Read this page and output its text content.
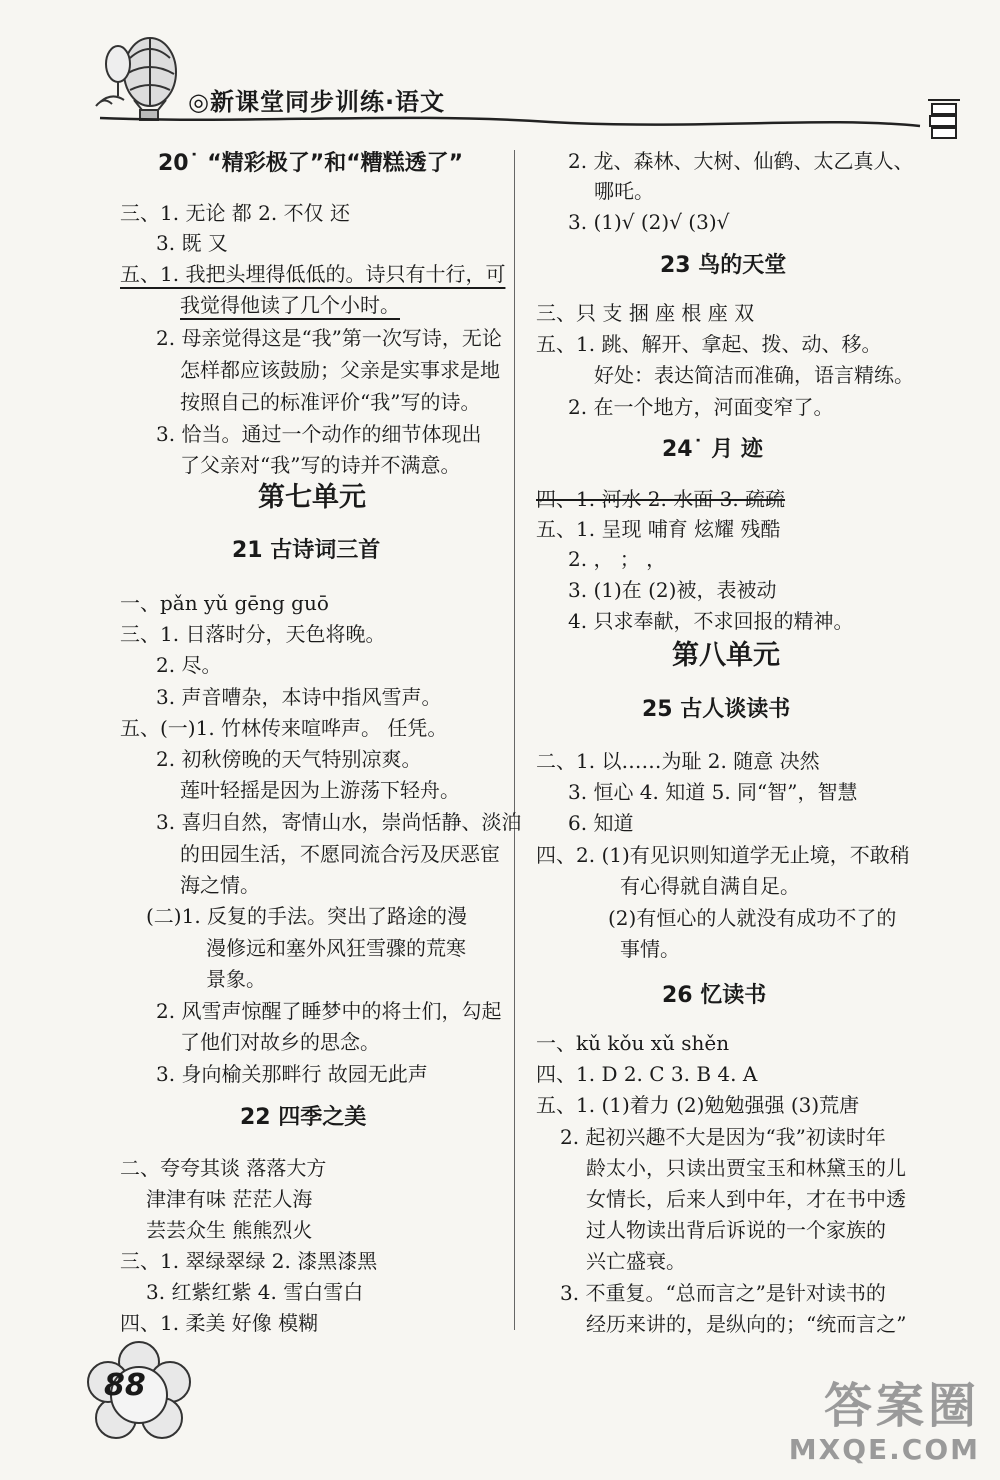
◎新课堂同步训练·语文
20˙ “精彩极了”和“糟糕透了”
三、1. 无论 都 2. 不仅 还
3. 既 又
五、1. 我把头埋得低低的。诗只有十行，可
我觉得他读了几个小时。
2. 母亲觉得这是“我”第一次写诗，无论
怎样都应该鼓励；父亲是实事求是地
按照自己的标准评价“我”写的诗。
3. 恰当。通过一个动作的细节体现出
了父亲对“我”写的诗并不满意。
第七单元
21 古诗词三首
一、pǎn yǔ gēng guō
三、1. 日落时分，天色将晚。
2. 尽。
3. 声音嘈杂，本诗中指风雪声。
五、(一)1. 竹林传来喧哗声。 任凭。
2. 初秋傍晚的天气特别凉爽。
莲叶轻摇是因为上游荡下轻舟。
3. 喜归自然，寄情山水，崇尚恬静、淡泊
的田园生活，不愿同流合污及厌恶宦
海之情。
(二)1. 反复的手法。突出了路途的漫
漫修远和塞外风狂雪骤的荒寒
景象。
2. 风雪声惊醒了睡梦中的将士们，勾起
了他们对故乡的思念。
3. 身向榆关那畔行 故园无此声
22 四季之美
二、夸夸其谈 落落大方
津津有味 茫茫人海
芸芸众生 熊熊烈火
三、1. 翠绿翠绿 2. 漆黑漆黑
3. 红紫红紫 4. 雪白雪白
四、1. 柔美 好像 模糊
2. 龙、森林、大树、仙鹤、太乙真人、
哪吒。
3. (1)√ (2)√ (3)√
23 鸟的天堂
三、只 支 捆 座 根 座 双
五、1. 跳、解开、拿起、拨、动、移。
好处：表达简洁而准确，语言精练。
2. 在一个地方，河面变窄了。
24˙ 月 迹
四、1. 河水 2. 水面 3. 疏疏
五、1. 呈现 哺育 炫耀 残酷
2. ， ； ，
3. (1)在 (2)被，表被动
4. 只求奉献，不求回报的精神。
第八单元
25 古人谈读书
二、1. 以……为耻 2. 随意 决然
3. 恒心 4. 知道 5. 同“智”，智慧
6. 知道
四、2. (1)有见识则知道学无止境，不敢稍
有心得就自满自足。
(2)有恒心的人就没有成功不了的
事情。
26 忆读书
一、kǔ kǒu xǔ shěn
四、1. D 2. C 3. B 4. A
五、1. (1)着力 (2)勉勉强强 (3)荒唐
2. 起初兴趣不大是因为“我”初读时年
龄太小，只读出贾宝玉和林黛玉的儿
女情长，后来人到中年，才在书中透
过人物读出背后诉说的一个家族的
兴亡盛衰。
3. 不重复。“总而言之”是针对读书的
经历来讲的，是纵向的；“统而言之”
88	答案圈
MXQE.COM
